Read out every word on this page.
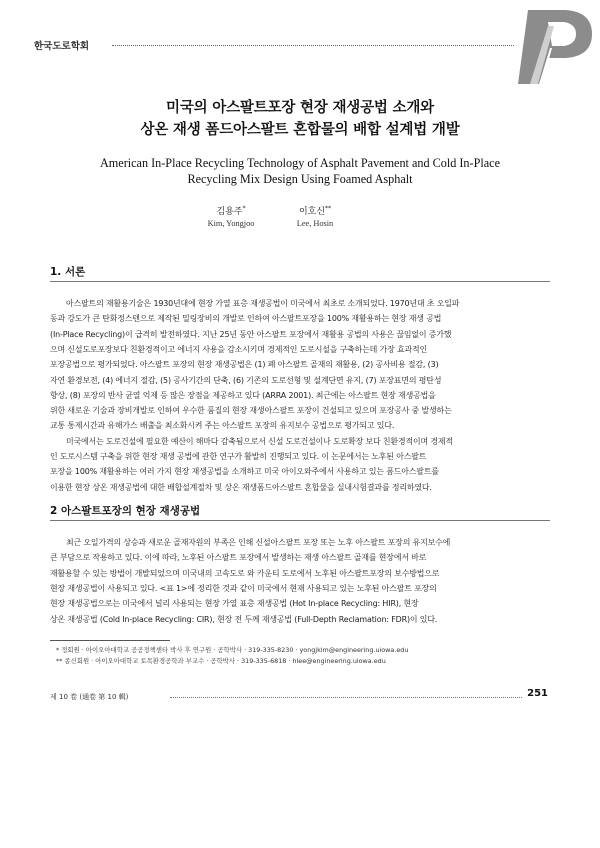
한국도로학회
미국의 아스팔트포장 현장 재생공법 소개와
상온 재생 폼드아스팔트 혼합물의 배합 설계법 개발
American In-Place Recycling Technology of Asphalt Pavement and Cold In-Place
Recycling Mix Design Using Foamed Asphalt
김용주*
Kim, Yongjoo
이호신**
Lee, Hosin
1. 서론
아스팔트의 재활용기술은 1930년대에 현장 가열 표층 재생공법이 미국에서 최초로 소개되었다. 1970년대 초 오일파
동과 강도가 큰 탄화정스텐으로 제작된 밀링장비의 개발로 인하여 아스팔트포장을 100% 재활용하는 현장 재생 공법
(In-Place Recycling)이 급격히 발전하였다. 지난 25년 동안 아스팔트 포장에서 재활용 공법의 사용은 끊임없이 증가했
으며 신설도로포장보다 친환경적이고 에너지 사용을 감소시키며 경제적인 도로시설을 구축하는데 가장 효과적인
포장공법으로 평가되었다. 아스팔트 포장의 현장 재생공법은 (1) 폐 아스팔트 골재의 재활용, (2) 공사비용 절감, (3)
자연 환경보전, (4) 에너지 절감, (5) 공사기간의 단축, (6) 기존의 도로선형 및 설계단면 유지, (7) 포장표면의 평탄성
향상, (8) 포장의 반사 균열 억제 등 많은 장점을 제공하고 있다 (ARRA 2001). 최근에는 아스팔트 현장 재생공법을
위한 새로운 기술과 장비개발로 인하여 우수한 품질의 현장 재생아스팔트 포장이 건설되고 있으며 포장공사 중 발생하는
교통 통제시간과 유해가스 배출을 최소화시켜 주는 아스팔트 포장의 유지보수 공법으로 평가되고 있다.
미국에서는 도로건설에 필요한 예산이 해마다 감축됨으로서 신설 도로건설이나 도로확장 보다 친환경적이며 경제적
인 도로시스템 구축을 위한 현장 재생 공법에 관한 연구가 활발히 진행되고 있다. 이 논문에서는 노후된 아스팔트
포장을 100% 재활용하는 여러 가지 현장 재생공법을 소개하고 미국 아이오와주에서 사용하고 있는 폼드아스팔트를
이용한 현장 상온 재생공법에 대한 배합설계절차 및 상온 재생폼드아스팔트 혼합물을 실내시험결과를 정리하였다.
2 아스팔트포장의 현장 재생공법
최근 오일가격의 상승과 새로운 골재자원의 부족은 인해 신설아스팔트 포장 또는 노후 아스팔트 포장의 유지보수에
큰 부담으로 작용하고 있다. 이에 따라, 노후된 아스팔트 포장에서 발생하는 재생 아스팔트 골재를 현장에서 바로
재활용할 수 있는 방법이 개발되었으며 미국내의 고속도로 와 카운티 도로에서 노후된 아스팔트포장의 보수방법으로
현장 재생공법이 사용되고 있다. <표 1>에 정리한 것과 같이 미국에서 현재 사용되고 있는 노후된 아스팔트 포장의
현장 재생공법으로는 미국에서 널리 사용되는 현장 가열 표층 재생공법 (Hot In-place Recycling: HIR), 현장
상온 재생공법 (Cold In-place Recycling: CIR), 현장 전 두께 재생공법 (Full-Depth Reclamation: FDR)이 있다.
* 정회원 · 아이오아대학교 공공정책센타 박사 후 연구원 · 공학박사 · 319-335-8230 · yongjkim@engineering.uiowa.edu
** 종신회원 · 아이오아대학교 토목환경공학과 부교수 · 공학박사 · 319-335-6818 · hlee@engineering.uiowa.edu
제 10 卷 (通卷 第 10 輯)	251
